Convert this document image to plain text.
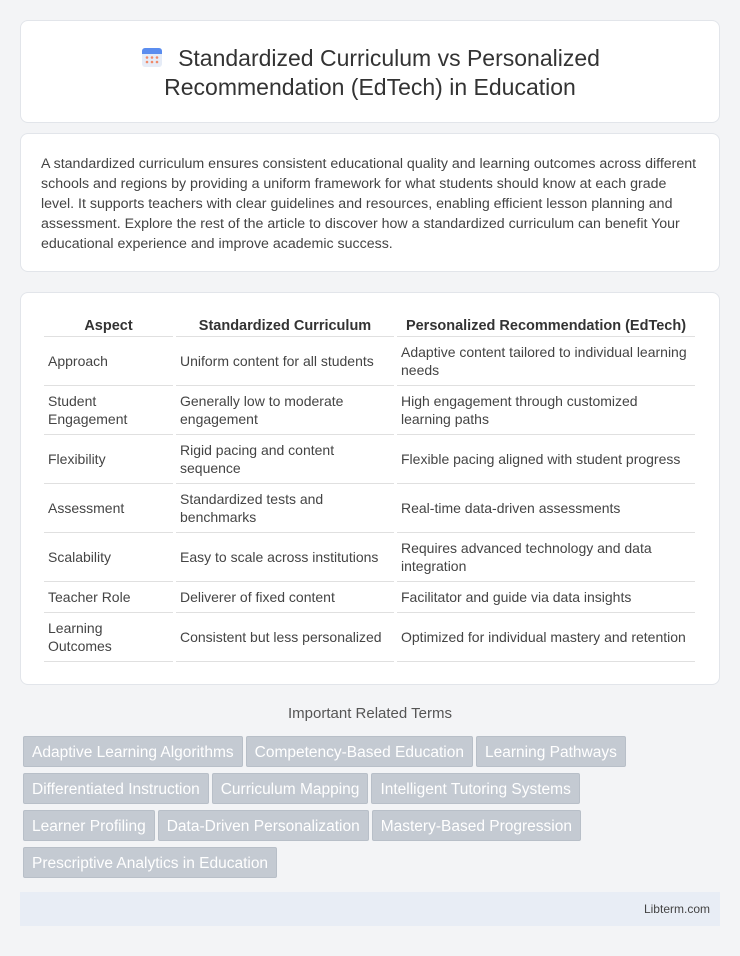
Standardized Curriculum vs Personalized
Recommendation (EdTech) in Education

A standardized curriculum ensures consistent educational quality and learning outcomes across different schools and regions by providing a uniform framework for what students should know at each grade level. It supports teachers with clear guidelines and resources, enabling efficient lesson planning and assessment. Explore the rest of the article to discover how a standardized curriculum can benefit Your educational experience and improve academic success.

Aspect	Standardized Curriculum	Personalized Recommendation (EdTech)
Approach	Uniform content for all students	Adaptive content tailored to individual learning needs
Student Engagement	Generally low to moderate engagement	High engagement through customized learning paths
Flexibility	Rigid pacing and content sequence	Flexible pacing aligned with student progress
Assessment	Standardized tests and benchmarks	Real-time data-driven assessments
Scalability	Easy to scale across institutions	Requires advanced technology and data integration
Teacher Role	Deliverer of fixed content	Facilitator and guide via data insights
Learning Outcomes	Consistent but less personalized	Optimized for individual mastery and retention
Important Related Terms
Adaptive Learning Algorithms Competency-Based Education Learning Pathways
Differentiated Instruction Curriculum Mapping Intelligent Tutoring Systems
Learner Profiling Data-Driven Personalization Mastery-Based Progression
Prescriptive Analytics in Education
Libterm.com
